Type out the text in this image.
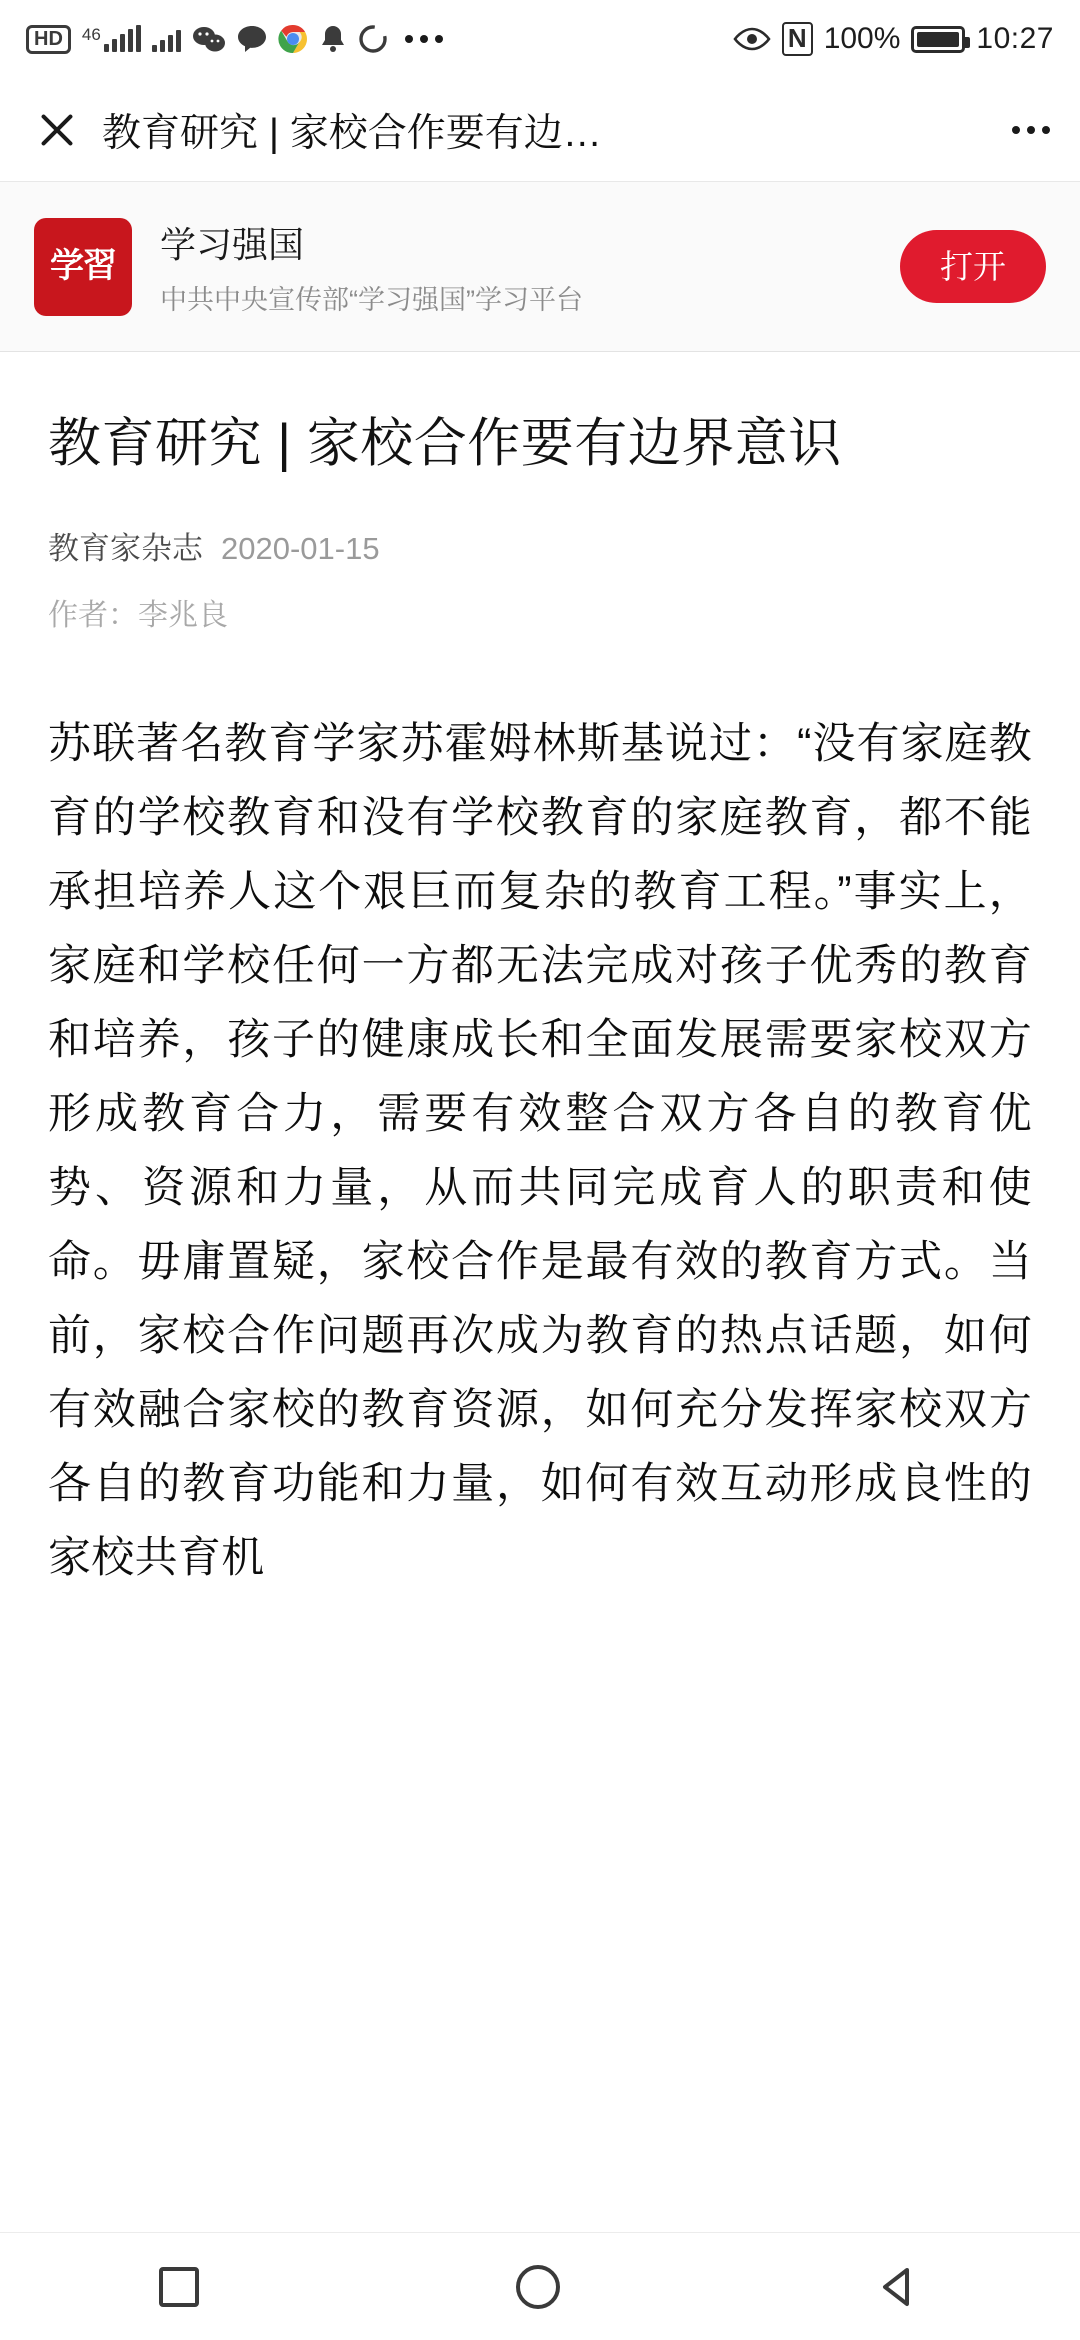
HD	46	N 100%	10:27
教育研究 | 家校合作要有边…
学習
学习强国
中共中央宣传部“学习强国”学习平台
打开
教育研究 | 家校合作要有边界意识
教育家杂志 2020-01-15
作者：李兆良

苏联著名教育学家苏霍姆林斯基说过：“没有家庭教育的学校教育和没有学校教育的家庭教育，都不能承担培养人这个艰巨而复杂的教育工程。”事实上，家庭和学校任何一方都无法完成对孩子优秀的教育和培养，孩子的健康成长和全面发展需要家校双方形成教育合力，需要有效整合双方各自的教育优势、资源和力量，从而共同完成育人的职责和使命。毋庸置疑，家校合作是最有效的教育方式。当前，家校合作问题再次成为教育的热点话题，如何有效融合家校的教育资源，如何充分发挥家校双方各自的教育功能和力量，如何有效互动形成良性的家校共育机
